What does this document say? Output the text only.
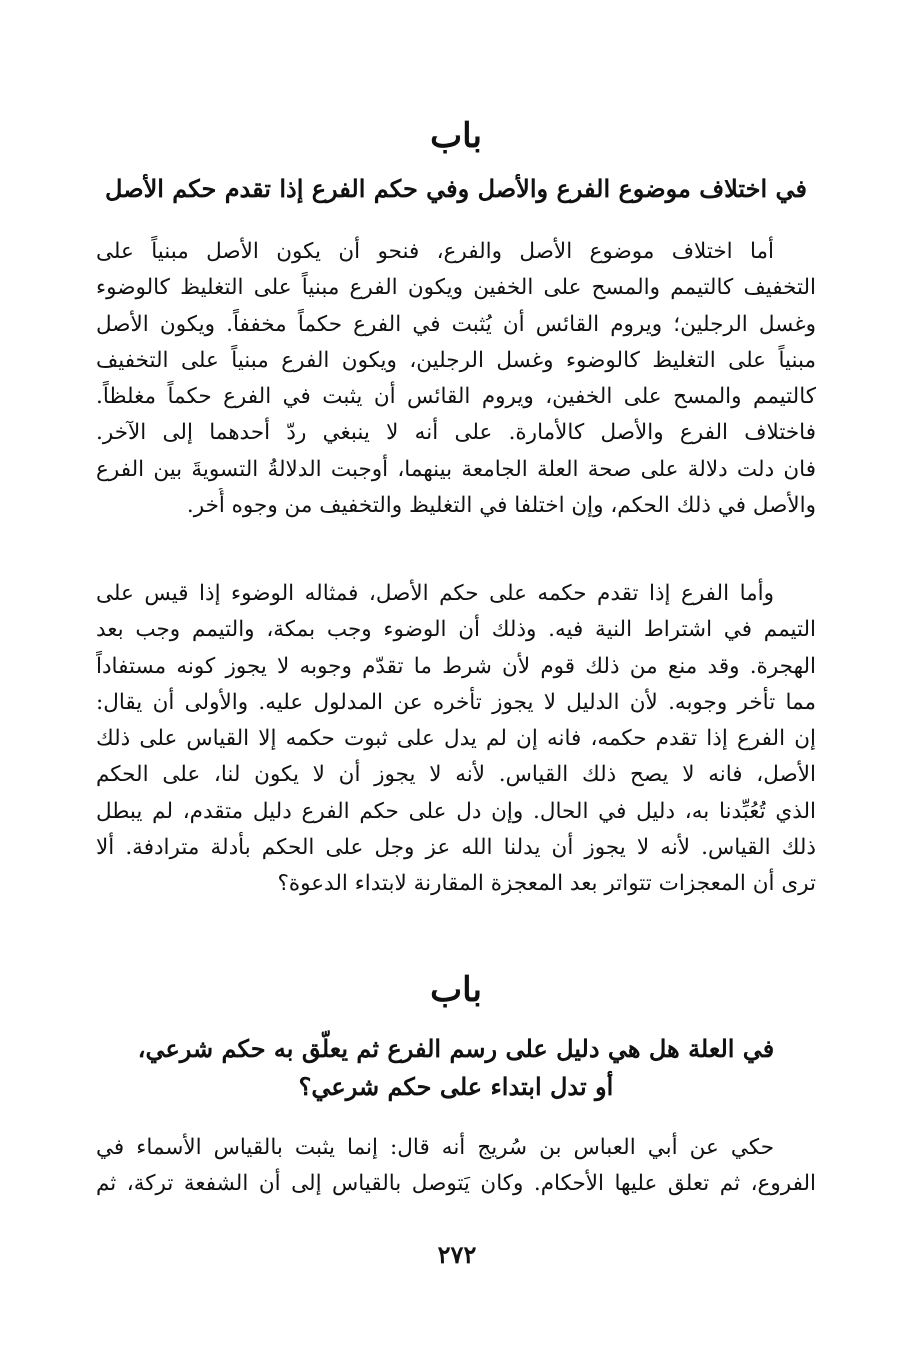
باب

في اختلاف موضوع الفرع والأصل وفي حكم الفرع إذا تقدم حكم الأصل

أما اختلاف موضوع الأصل والفرع، فنحو أن يكون الأصل مبنياً على
التخفيف كالتيمم والمسح على الخفين ويكون الفرع مبنياً على التغليظ كالوضوء
وغسل الرجلين؛ ويروم القائس أن يُثبت في الفرع حكماً مخففاً. ويكون الأصل
مبنياً على التغليظ كالوضوء وغسل الرجلين، ويكون الفرع مبنياً على التخفيف
كالتيمم والمسح على الخفين، ويروم القائس أن يثبت في الفرع حكماً مغلظاً.
فاختلاف الفرع والأصل كالأمارة. على أنه لا ينبغي ردّ أحدهما إلى الآخر.
فان دلت دلالة على صحة العلة الجامعة بينهما، أوجبت الدلالةُ التسويةَ بين الفرع
والأصل في ذلك الحكم، وإن اختلفا في التغليظ والتخفيف من وجوه أُخر.
وأما الفرع إذا تقدم حكمه على حكم الأصل، فمثاله الوضوء إذا قيس على
التيمم في اشتراط النية فيه. وذلك أن الوضوء وجب بمكة، والتيمم وجب بعد
الهجرة. وقد منع من ذلك قوم لأن شرط ما تقدّم وجوبه لا يجوز كونه مستفاداً
مما تأخر وجوبه. لأن الدليل لا يجوز تأخره عن المدلول عليه. والأولى أن يقال:
إن الفرع إذا تقدم حكمه، فانه إن لم يدل على ثبوت حكمه إلا القياس على ذلك
الأصل، فانه لا يصح ذلك القياس. لأنه لا يجوز أن لا يكون لنا، على الحكم
الذي تُعُبِّدنا به، دليل في الحال. وإن دل على حكم الفرع دليل متقدم، لم يبطل
ذلك القياس. لأنه لا يجوز أن يدلنا الله عز وجل على الحكم بأدلة مترادفة. ألا
ترى أن المعجزات تتواتر بعد المعجزة المقارنة لابتداء الدعوة؟

باب

في العلة هل هي دليل على رسم الفرع ثم يعلّق به حكم شرعي،

أو تدل ابتداء على حكم شرعي؟

حكي عن أبي العباس بن سُريج أنه قال: إنما يثبت بالقياس الأسماء في
الفروع، ثم تعلق عليها الأحكام. وكان يَتوصل بالقياس إلى أن الشفعة تركة، ثم
٢٧٢
